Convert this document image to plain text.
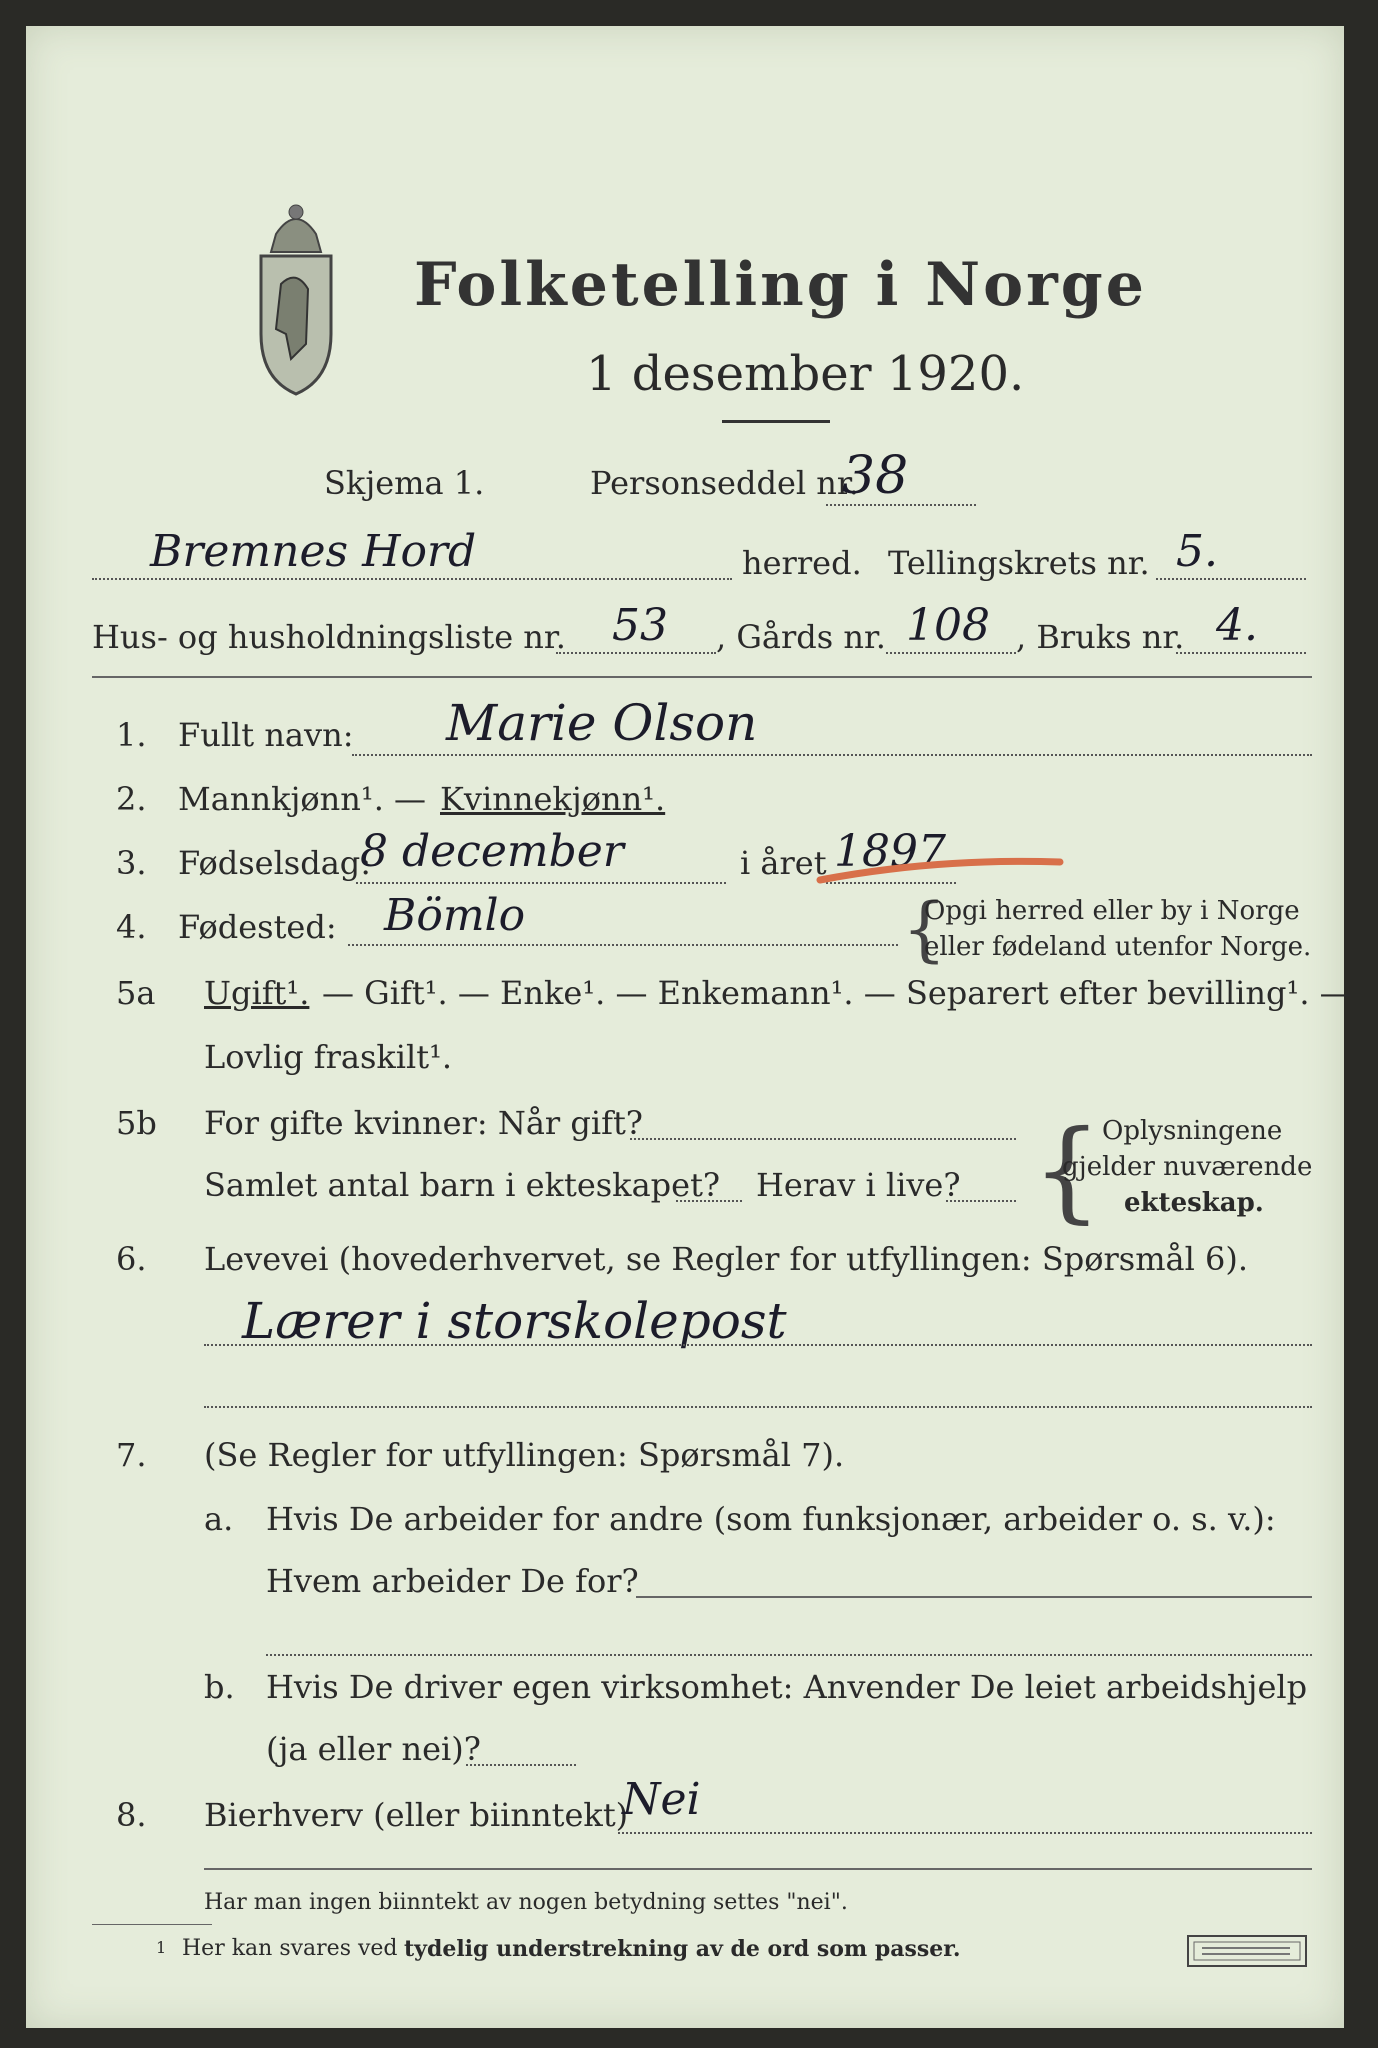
Folketelling i Norge
1 desember 1920.
Skjema 1.	Personseddel nr.
38
Bremnes Hord	herred. Tellingskrets nr. 5.
Hus- og husholdningsliste nr. 53 , Gårds nr. 108 , Bruks nr. 4.
1. Fullt navn: Marie Olson
2. Mannkjønn¹. — Kvinnekjønn¹.
3. Fødselsdag:
8 december	i året 1897
4. Fødested: Bömlo	{
Opgi herred eller by i Norge
eller fødeland utenfor Norge.
5a Ugift¹. — Gift¹. — Enke¹. — Enkemann¹. — Separert efter bevilling¹. —
Lovlig fraskilt¹.
5b For gifte kvinner: Når gift?
Samlet antal barn i ekteskapet? Herav i live? { Oplysningene
gjelder nuværende
ekteskap.
6. Levevei (hovederhvervet, se Regler for utfyllingen: Spørsmål 6).
Lærer i storskolepost
7. (Se Regler for utfyllingen: Spørsmål 7).
a. Hvis De arbeider for andre (som funksjonær, arbeider o. s. v.):
Hvem arbeider De for?
b. Hvis De driver egen virksomhet: Anvender De leiet arbeidshjelp
(ja eller nei)?
8. Bierhverv (eller biinntekt)
Nei
Har man ingen biinntekt av nogen betydning settes "nei".
1 Her kan svares ved tydelig understrekning av de ord som passer.
